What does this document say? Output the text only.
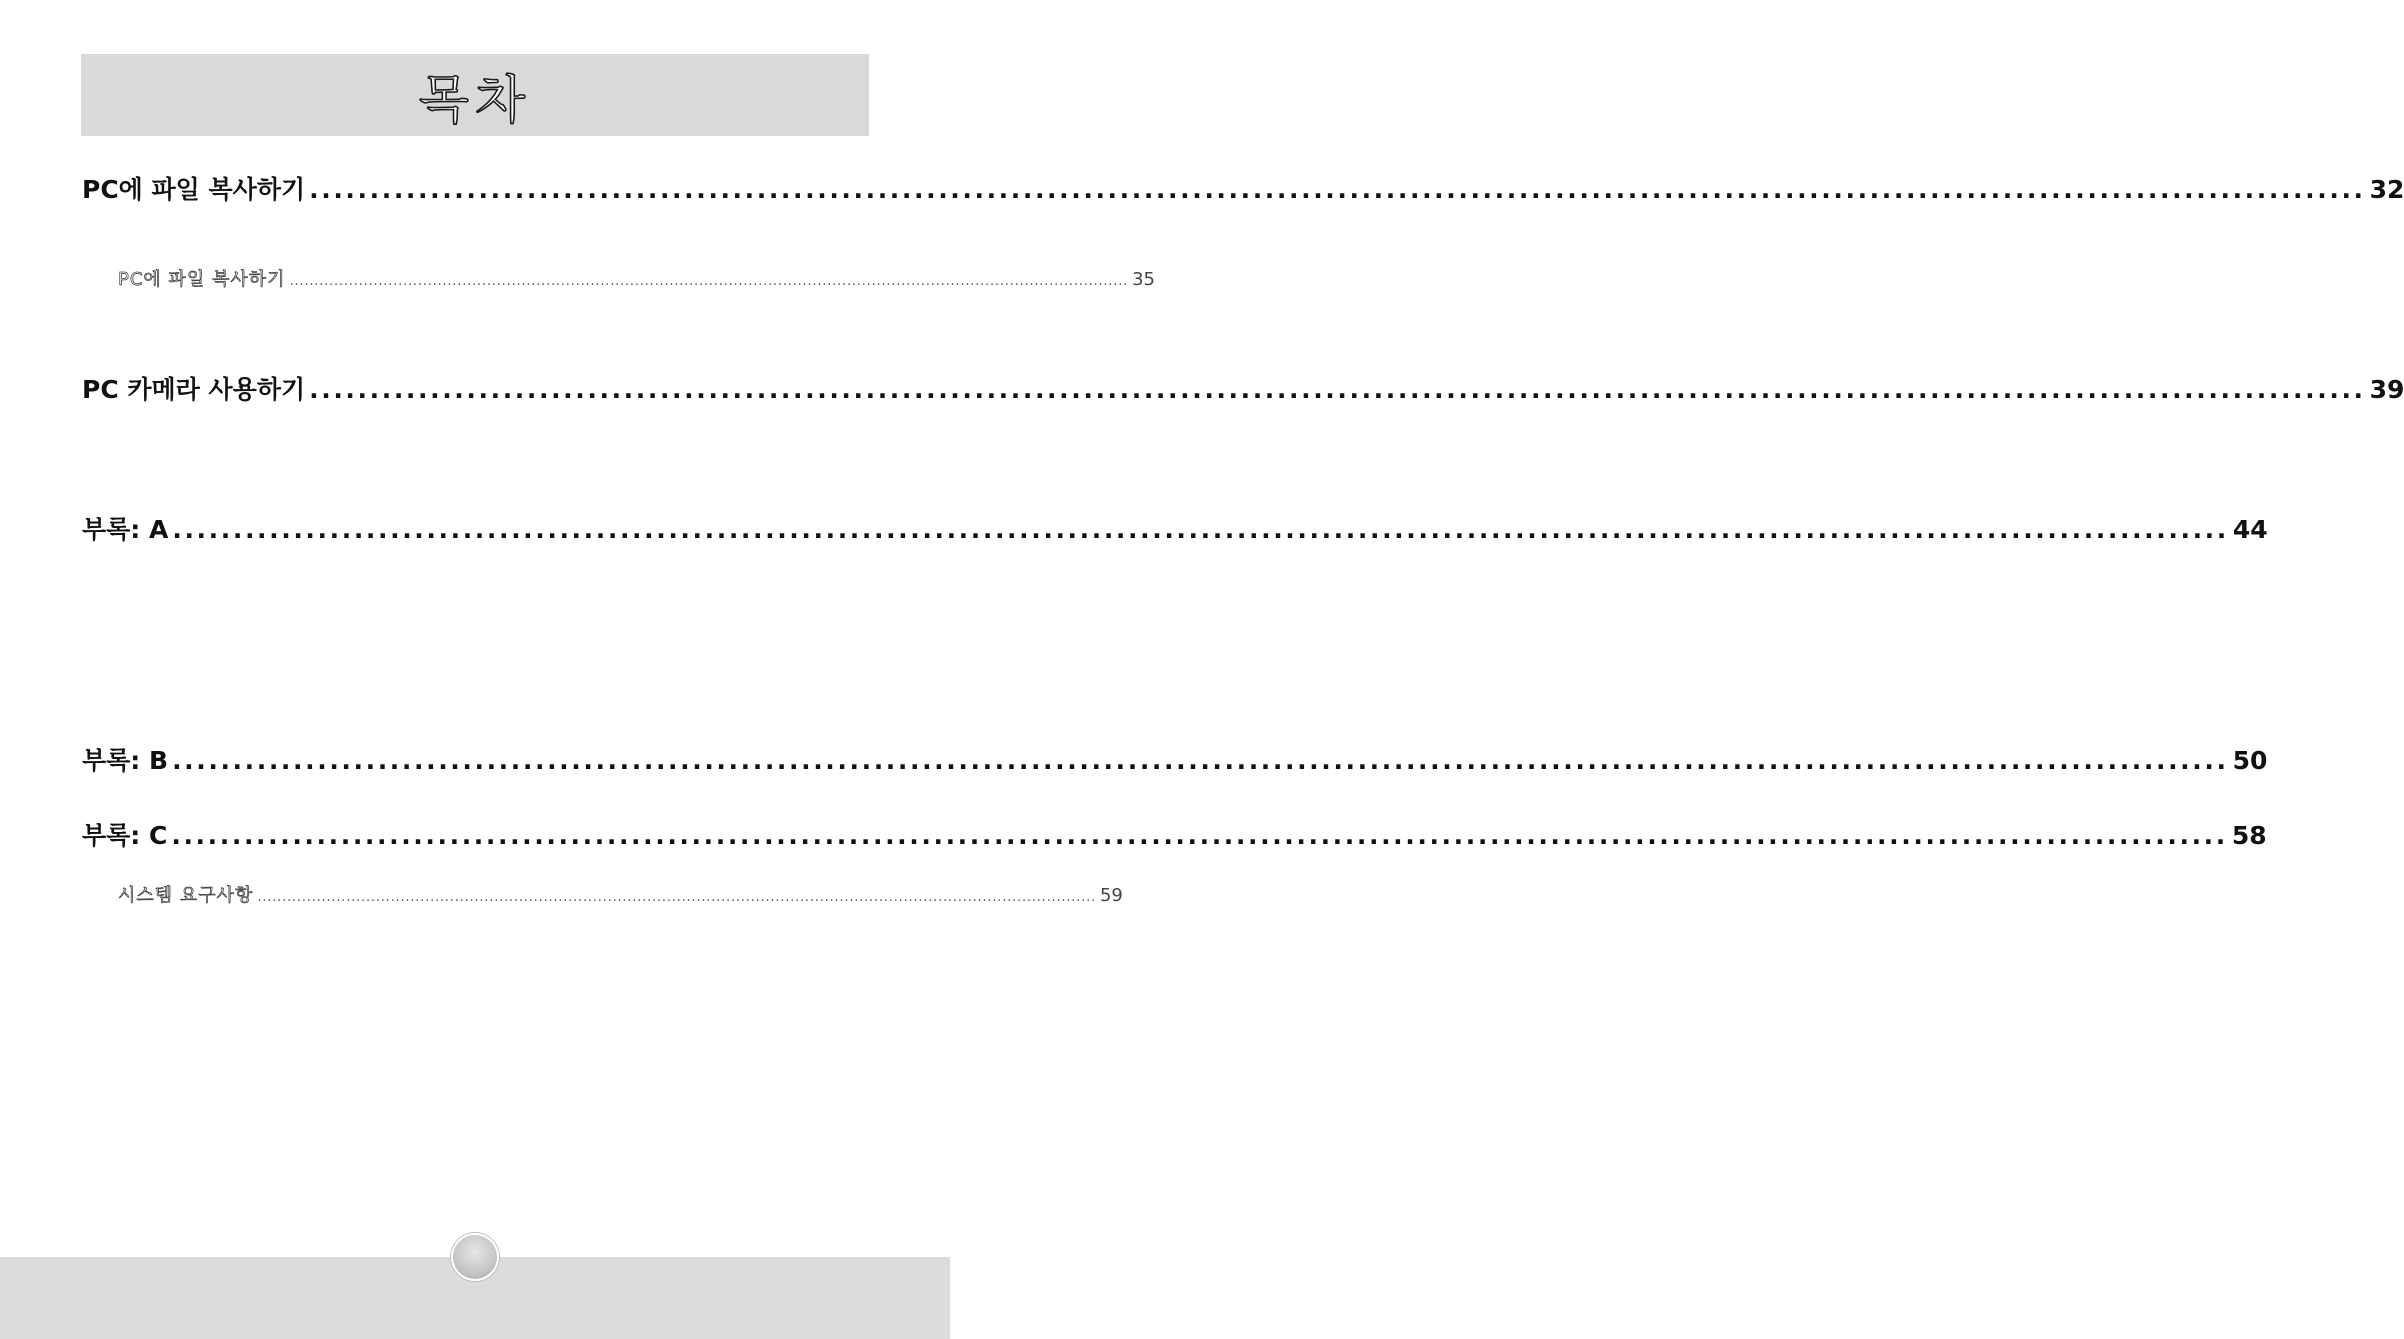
목차
PC에 파일 복사하기 .......................................................................................................................................................................... 32
PC에 파일 복사하기 .......................................................................................................................................................................... 35
PC 카메라 사용하기 .......................................................................................................................................................................... 39
부록: A .......................................................................................................................................................................... 44
부록: B .......................................................................................................................................................................... 50
부록: C .......................................................................................................................................................................... 58
시스템 요구사항 .......................................................................................................................................................................... 59
